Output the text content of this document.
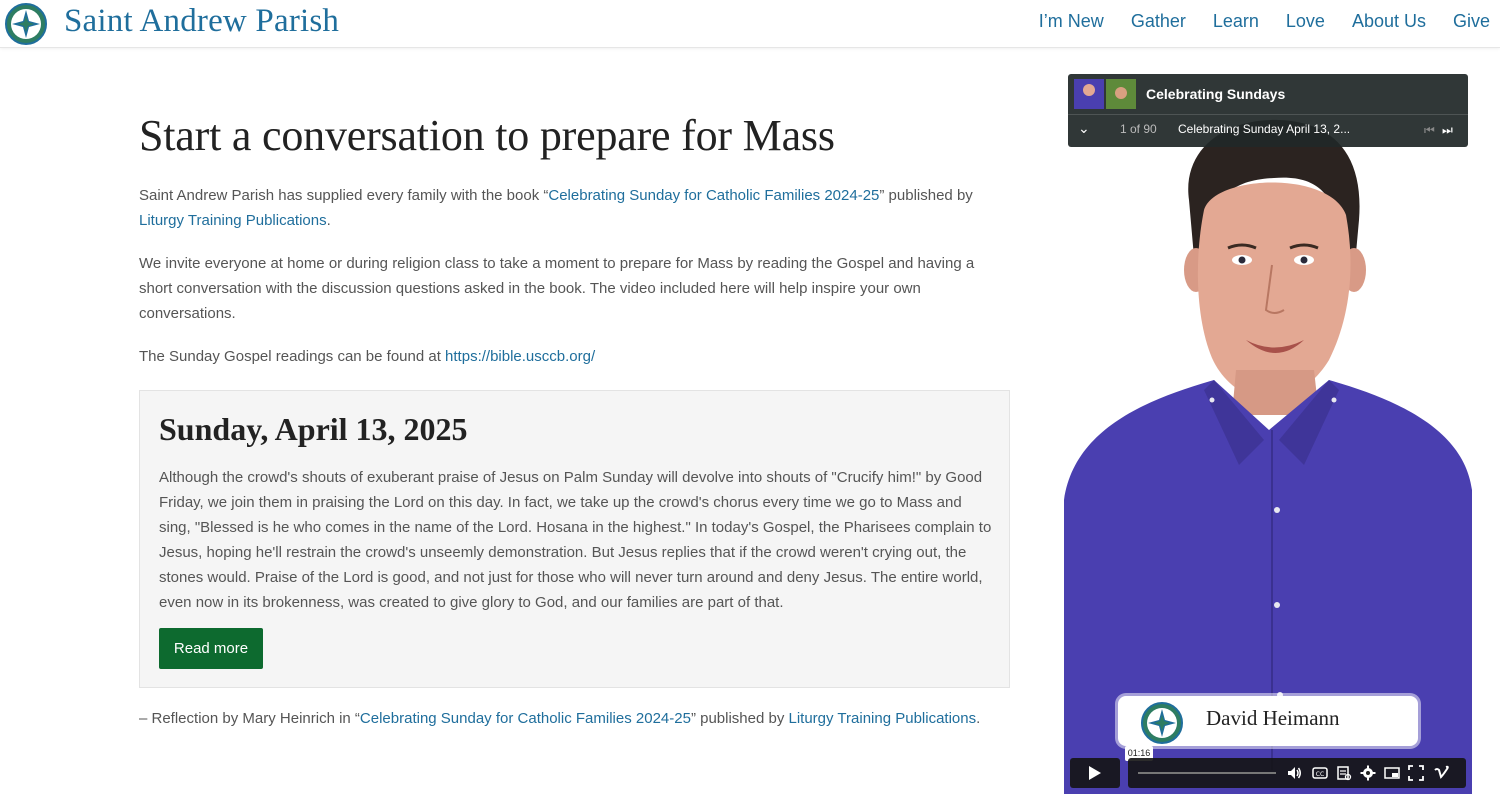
Saint Andrew Parish	I’m New Gather Learn Love About Us Give
Start a conversation to prepare for Mass

Saint Andrew Parish has supplied every family with the book “Celebrating Sunday for Catholic Families 2024-25” published by Liturgy Training Publications.

We invite everyone at home or during religion class to take a moment to prepare for Mass by reading the Gospel and having a short conversation with the discussion questions asked in the book. The video included here will help inspire your own conversations.

The Sunday Gospel readings can be found at https://bible.usccb.org/

Sunday, April 13, 2025

Although the crowd's shouts of exuberant praise of Jesus on Palm Sunday will devolve into shouts of "Crucify him!" by Good Friday, we join them in praising the Lord on this day. In fact, we take up the crowd's chorus every time we go to Mass and sing, "Blessed is he who comes in the name of the Lord. Hosana in the highest." In today's Gospel, the Pharisees complain to Jesus, hoping he'll restrain the crowd's unseemly demonstration. But Jesus replies that if the crowd weren't crying out, the stones would. Praise of the Lord is good, and not just for those who will never turn around and deny Jesus. The entire world, even now in its brokenness, was created to give glory to God, and our families are part of that.

Read more

– Reflection by Mary Heinrich in “Celebrating Sunday for Catholic Families 2024-25” published by Liturgy Training Publications.

Celebrating Sundays
⌄	1 of 90 Celebrating Sunday April 13, 2...	⏮ ⏭
David Heimann
01:16
CC
